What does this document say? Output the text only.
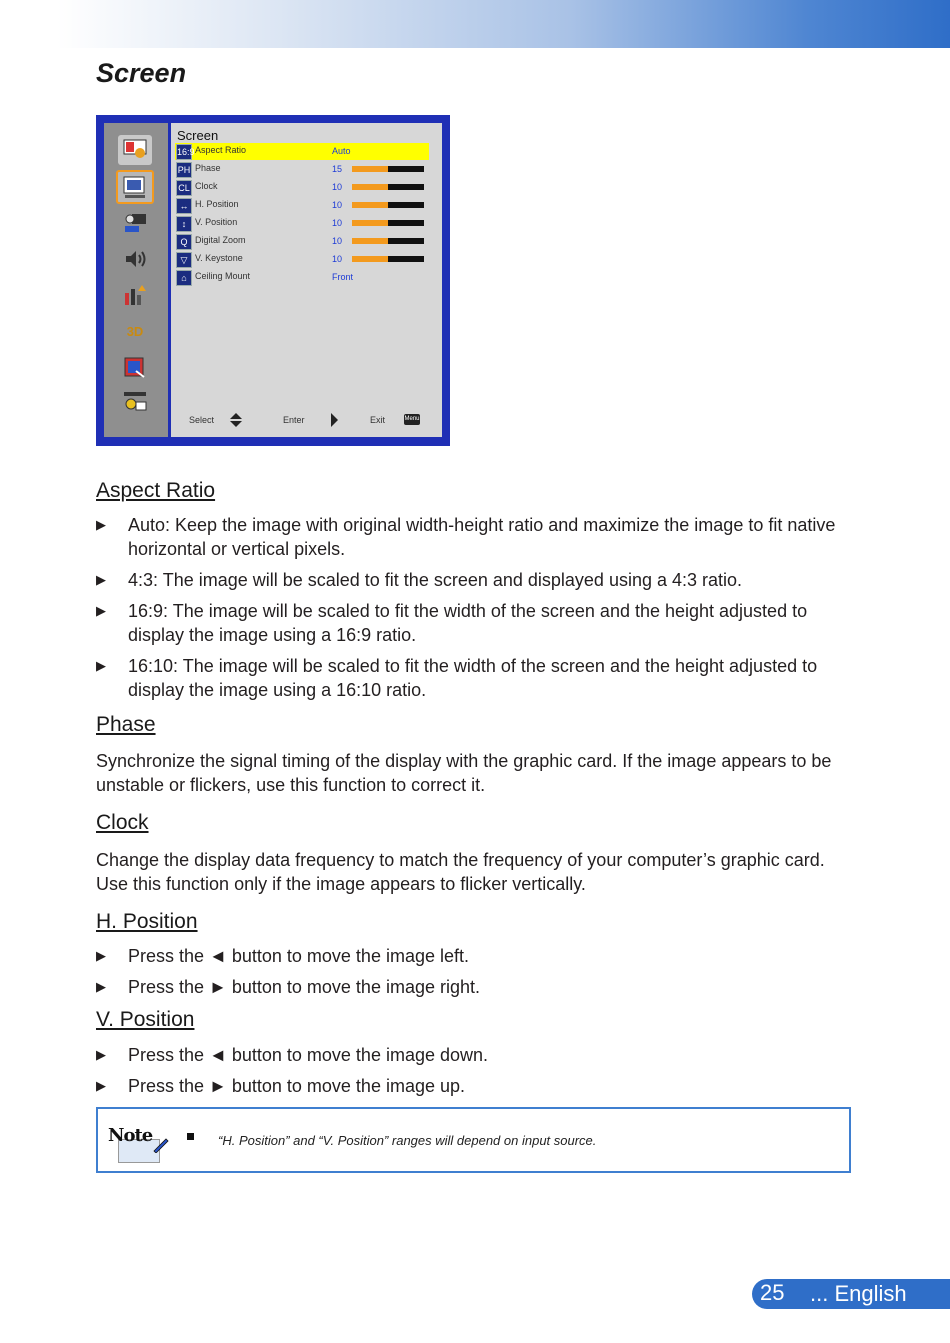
Screen
3D
Screen
16:9 Aspect Ratio	Auto
PH Phase	15
CL Clock	10
↔ H. Position	10
↕ V. Position	10
Q Digital Zoom	10
▽ V. Keystone	10
⌂ Ceiling Mount	Front
Select	Enter	Exit	Menu
Aspect Ratio
▶ Auto: Keep the image with original width-height ratio and maximize the image to fit native horizontal or vertical pixels.
▶ 4:3: The image will be scaled to fit the screen and displayed using a 4:3 ratio.
▶ 16:9: The image will be scaled to fit the width of the screen and the height adjusted to display the image using a 16:9 ratio.
▶ 16:10: The image will be scaled to fit the width of the screen and the height adjusted to display the image using a 16:10 ratio.
Phase
Synchronize the signal timing of the display with the graphic card. If the image appears to be unstable or flickers, use this function to correct it.
Clock
Change the display data frequency to match the frequency of your computer’s graphic card. Use this function only if the image appears to flicker vertically.
H. Position
▶ Press the ◄ button to move the image left.
▶ Press the ► button to move the image right.
V. Position
▶ Press the ◄ button to move the image down.
▶ Press the ► button to move the image up.
Note	“H. Position” and “V. Position” ranges will depend on input source.
25 ... English
